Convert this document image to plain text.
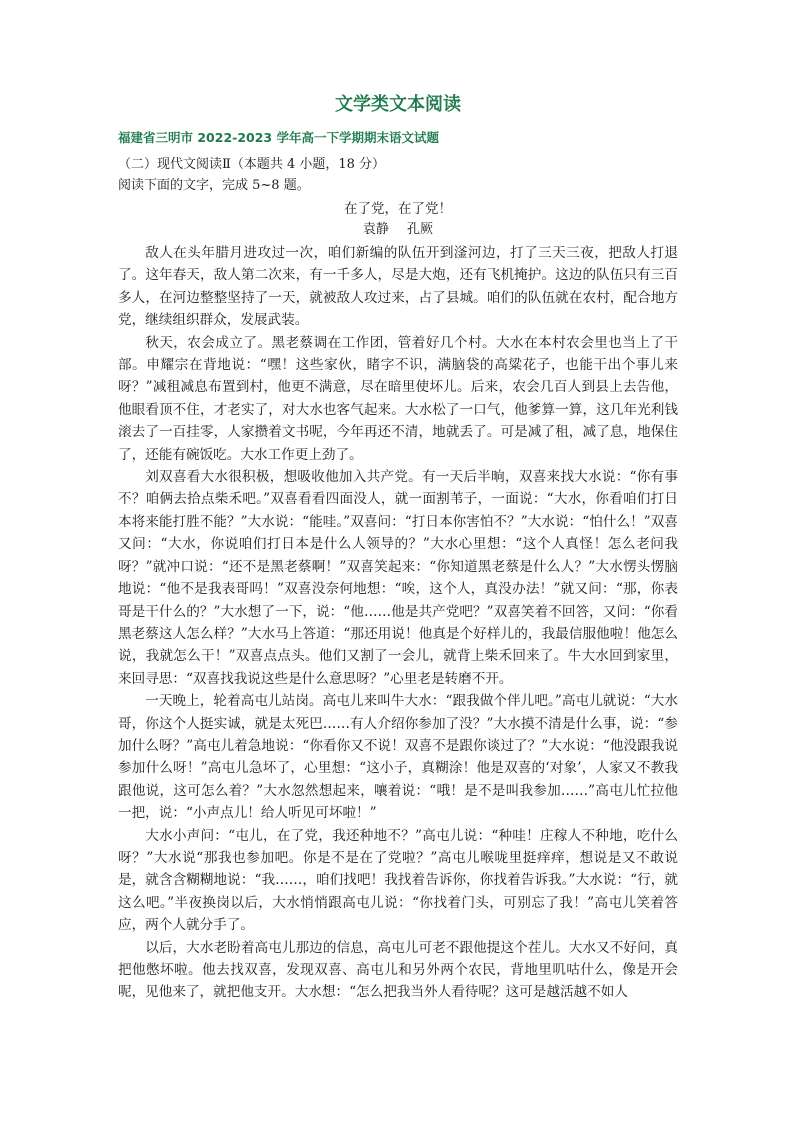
文学类文本阅读
福建省三明市 2022-2023 学年高一下学期期末语文试题
（二）现代文阅读Ⅱ（本题共 4 小题，18 分）
阅读下面的文字，完成 5~8 题。
在了党，在了党！
袁静 孔厥

敌人在头年腊月进攻过一次，咱们新编的队伍开到滏河边，打了三天三夜，把敌人打退了。这年春天，敌人第二次来，有一千多人，尽是大炮，还有飞机掩护。这边的队伍只有三百多人，在河边整整坚持了一天，就被敌人攻过来，占了县城。咱们的队伍就在农村，配合地方党，继续组织群众，发展武装。

秋天，农会成立了。黑老蔡调在工作团，管着好几个村。大水在本村农会里也当上了干部。申耀宗在背地说：“嘿！这些家伙，睹字不识，满脑袋的高粱花子，也能干出个事儿来呀？”减租减息布置到村，他更不满意，尽在暗里使坏儿。后来，农会几百人到县上去告他，他眼看顶不住，才老实了，对大水也客气起来。大水松了一口气，他爹算一算，这几年光利钱滚去了一百挂零，人家攒着文书呢，今年再还不清，地就丢了。可是减了租，减了息，地保住了，还能有碗饭吃。大水工作更上劲了。

刘双喜看大水很积极，想吸收他加入共产党。有一天后半晌，双喜来找大水说：“你有事不？咱俩去拾点柴禾吧。”双喜看看四面没人，就一面割苇子，一面说：“大水，你看咱们打日本将来能打胜不能？”大水说：“能哇。”双喜问：“打日本你害怕不？”大水说：“怕什么！”双喜又问：“大水，你说咱们打日本是什么人领导的？”大水心里想：“这个人真怪！怎么老问我呀？”就冲口说：“还不是黑老蔡啊！”双喜笑起来：“你知道黑老蔡是什么人？”大水愣头愣脑地说：“他不是我表哥吗！”双喜没奈何地想：“唉，这个人，真没办法！”就又问：“那，你表哥是干什么的？”大水想了一下，说：“他……他是共产党吧？”双喜笑着不回答，又问：“你看黑老蔡这人怎么样？”大水马上答道：“那还用说！他真是个好样儿的，我最信服他啦！他怎么说，我就怎么干！”双喜点点头。他们又割了一会儿，就背上柴禾回来了。牛大水回到家里，来回寻思：“双喜找我说这些是什么意思呀？”心里老是转磨不开。

一天晚上，轮着高屯儿站岗。高屯儿来叫牛大水：“跟我做个伴儿吧。”高屯儿就说：“大水哥，你这个人挺实诚，就是太死巴……有人介绍你参加了没？”大水摸不清是什么事，说：“参加什么呀？”高屯儿着急地说：“你看你又不说！双喜不是跟你谈过了？”大水说：“他没跟我说参加什么呀！”高屯儿急坏了，心里想：“这小子，真糊涂！他是双喜的‘对象’，人家又不教我跟他说，这可怎么着？”大水忽然想起来，嚷着说：“哦！是不是叫我参加……”高屯儿忙拉他一把，说：“小声点儿！给人听见可坏啦！”

大水小声问：“屯儿，在了党，我还种地不？”高屯儿说：“种哇！庄稼人不种地，吃什么呀？”大水说“那我也参加吧。你是不是在了党啦？”高屯儿喉咙里挺痒痒，想说是又不敢说是，就含含糊糊地说：“我……，咱们找吧！我找着告诉你，你找着告诉我。”大水说：“行，就这么吧。”半夜换岗以后，大水悄悄跟高屯儿说：“你找着门头，可别忘了我！”高屯儿笑着答应，两个人就分手了。

以后，大水老盼着高屯儿那边的信息，高屯儿可老不跟他提这个茬儿。大水又不好问，真把他憋坏啦。他去找双喜，发现双喜、高屯儿和另外两个农民，背地里叽咕什么，像是开会呢，见他来了，就把他支开。大水想：“怎么把我当外人看待呢？这可是越活越不如人
